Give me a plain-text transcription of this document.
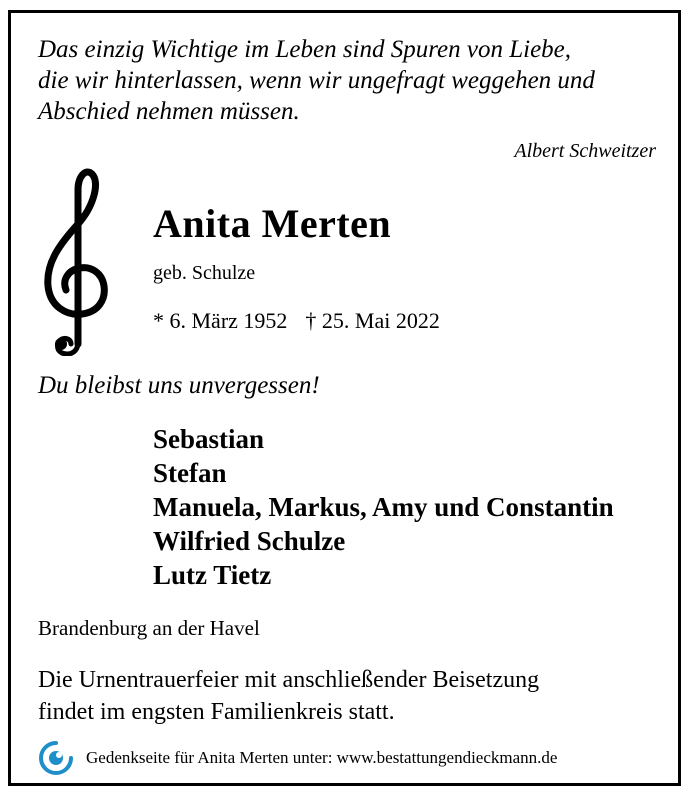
Das einzig Wichtige im Leben sind Spuren von Liebe,
die wir hinterlassen, wenn wir ungefragt weggehen und
Abschied nehmen müssen.
Albert Schweitzer
Anita Merten
geb. Schulze
* 6. März 1952 † 25. Mai 2022
Du bleibst uns unvergessen!
Sebastian
Stefan
Manuela, Markus, Amy und Constantin
Wilfried Schulze
Lutz Tietz
Brandenburg an der Havel
Die Urnentrauerfeier mit anschließender Beisetzung
findet im engsten Familienkreis statt.
Gedenkseite für Anita Merten unter: www.bestattungendieckmann.de
